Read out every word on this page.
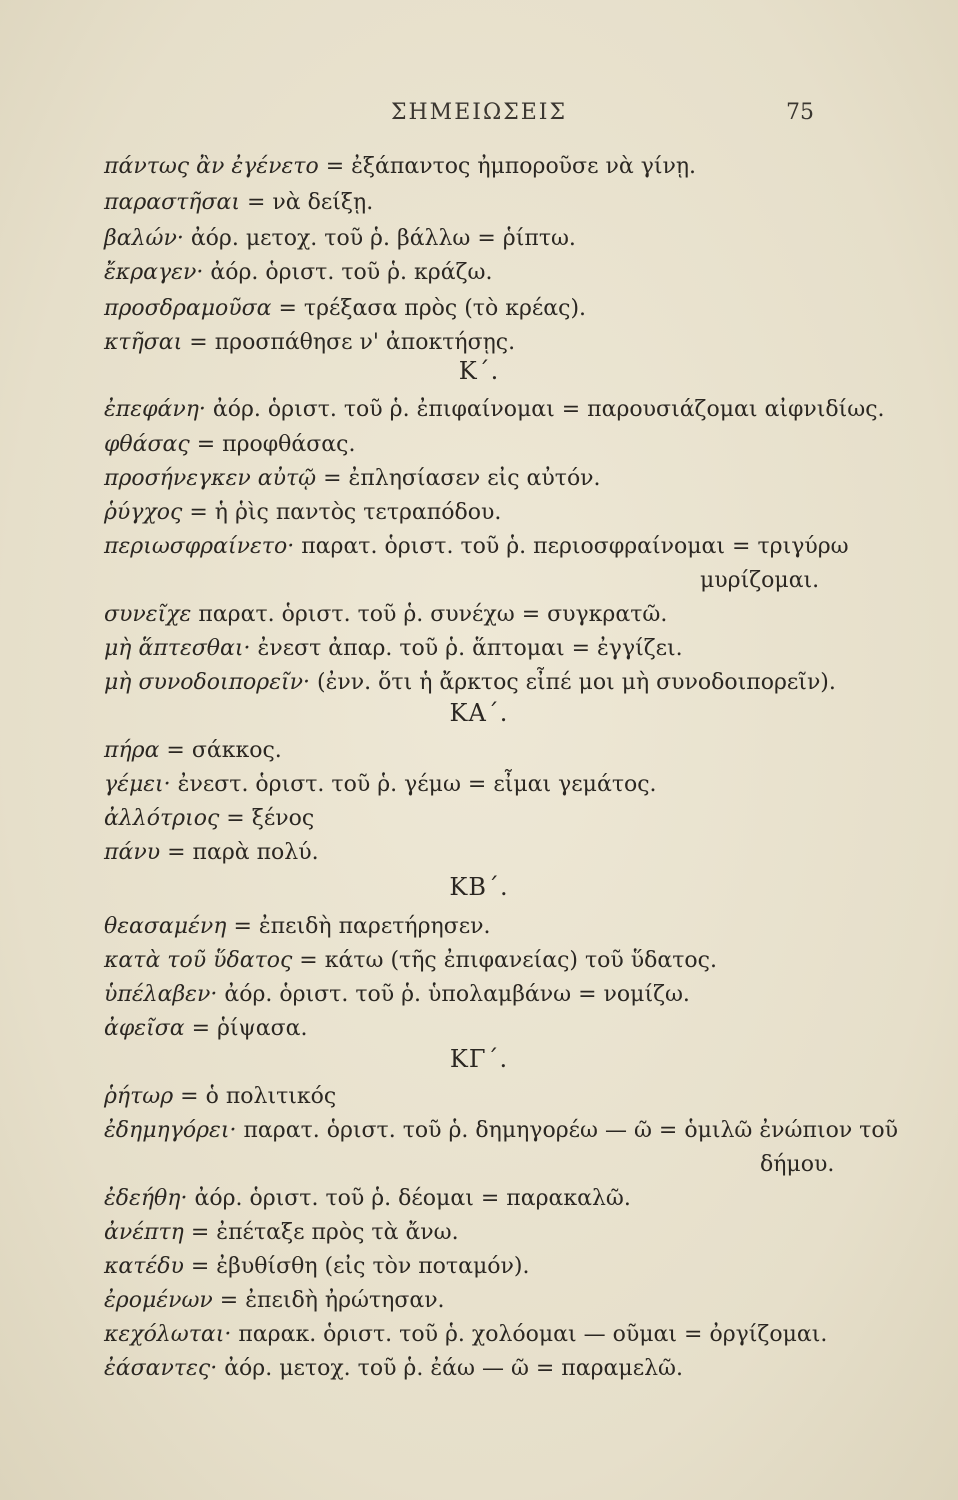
ΣΗΜΕΙΩΣΕΙΣ	75
πάντως ἂν ἐγένετο = ἐξάπαντος ἠμποροῦσε νὰ γίνῃ.
παραστῆσαι = νὰ δείξῃ.
βαλών· ἀόρ. μετοχ. τοῦ ῥ. βάλλω = ῥίπτω.
ἔκραγεν· ἀόρ. ὁριστ. τοῦ ῥ. κράζω.
προσδραμοῦσα = τρέξασα πρὸς (τὸ κρέας).
κτῆσαι = προσπάθησε ν' ἀποκτήσῃς.
Κ΄.
ἐπεφάνη· ἀόρ. ὁριστ. τοῦ ῥ. ἐπιφαίνομαι = παρουσιάζομαι αἰφνιδίως.
φθάσας = προφθάσας.
προσήνεγκεν αὐτῷ = ἐπλησίασεν εἰς αὐτόν.
ῥύγχος = ἡ ῥὶς παντὸς τετραπόδου.
περιωσφραίνετο· παρατ. ὁριστ. τοῦ ῥ. περιοσφραίνομαι = τριγύρω
μυρίζομαι.
συνεῖχε παρατ. ὁριστ. τοῦ ῥ. συνέχω = συγκρατῶ.
μὴ ἅπτεσθαι· ἐνεστ ἀπαρ. τοῦ ῥ. ἅπτομαι = ἐγγίζει.
μὴ συνοδοιπορεῖν· (ἐνν. ὅτι ἡ ἄρκτος εἶπέ μοι μὴ συνοδοιπορεῖν).
ΚΑ΄.
πήρα = σάκκος.
γέμει· ἐνεστ. ὁριστ. τοῦ ῥ. γέμω = εἶμαι γεμάτος.
ἀλλότριος = ξένος
πάνυ = παρὰ πολύ.
ΚΒ΄.
θεασαμένη = ἐπειδὴ παρετήρησεν.
κατὰ τοῦ ὕδατος = κάτω (τῆς ἐπιφανείας) τοῦ ὕδατος.
ὑπέλαβεν· ἀόρ. ὁριστ. τοῦ ῥ. ὑπολαμβάνω = νομίζω.
ἀφεῖσα = ῥίψασα.
ΚΓ΄.
ῥήτωρ = ὁ πολιτικός
ἐδημηγόρει· παρατ. ὁριστ. τοῦ ῥ. δημηγορέω — ῶ = ὁμιλῶ ἐνώπιον τοῦ
δήμου.
ἐδεήθη· ἀόρ. ὁριστ. τοῦ ῥ. δέομαι = παρακαλῶ.
ἀνέπτη = ἐπέταξε πρὸς τὰ ἄνω.
κατέδυ = ἐβυθίσθη (εἰς τὸν ποταμόν).
ἐρομένων = ἐπειδὴ ἠρώτησαν.
κεχόλωται· παρακ. ὁριστ. τοῦ ῥ. χολόομαι — οῦμαι = ὀργίζομαι.
ἐάσαντες· ἀόρ. μετοχ. τοῦ ῥ. ἐάω — ῶ = παραμελῶ.
